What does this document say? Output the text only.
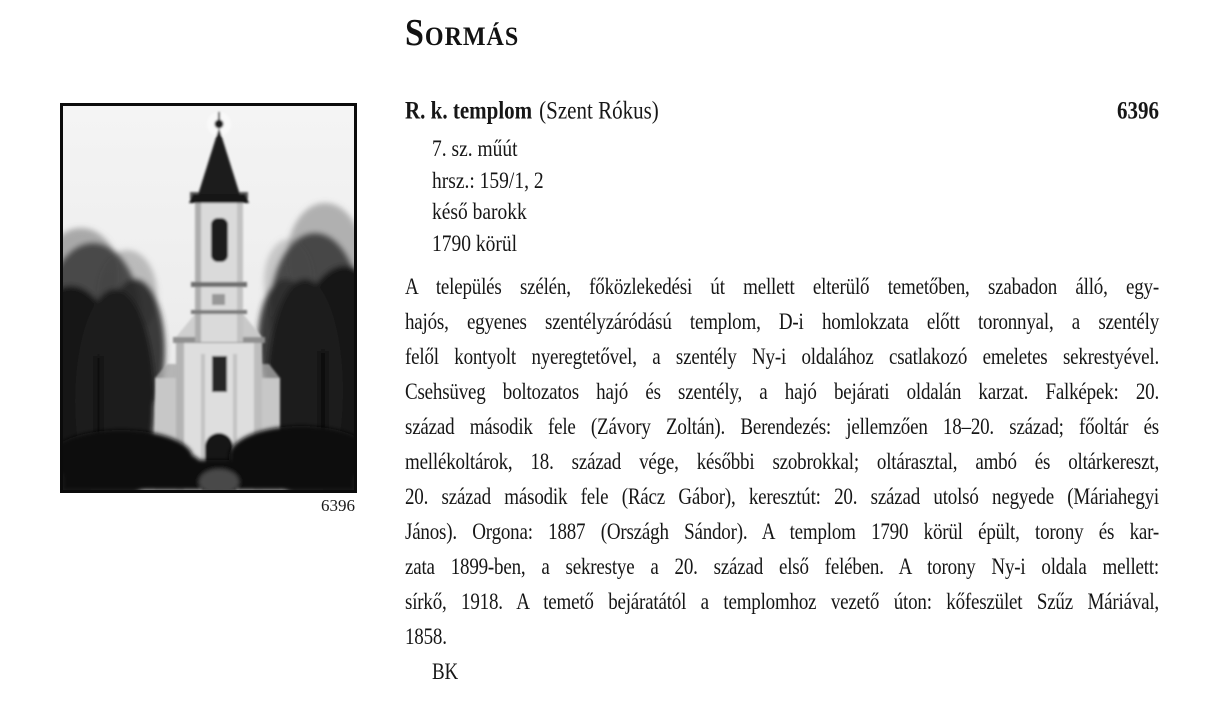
6396
Sormás
R. k. templom (Szent Rókus)	6396
7. sz. műút
hrsz.: 159/1, 2
késő barokk
1790 körül
A település szélén, főközlekedési út mellett elterülő temetőben, szabadon álló, egy-
hajós, egyenes szentélyzáródású templom, D-i homlokzata előtt toronnyal, a szentély
felől kontyolt nyeregtetővel, a szentély Ny-i oldalához csatlakozó emeletes sekrestyével.
Csehsüveg boltozatos hajó és szentély, a hajó bejárati oldalán karzat. Falképek: 20.
század második fele (Závory Zoltán). Berendezés: jellemzően 18–20. század; főoltár és
mellékoltárok, 18. század vége, későbbi szobrokkal; oltárasztal, ambó és oltárkereszt,
20. század második fele (Rácz Gábor), keresztút: 20. század utolsó negyede (Máriahegyi
János). Orgona: 1887 (Országh Sándor). A templom 1790 körül épült, torony és kar-
zata 1899-ben, a sekrestye a 20. század első felében. A torony Ny-i oldala mellett:
sírkő, 1918. A temető bejáratától a templomhoz vezető úton: kőfeszület Szűz Máriával,
1858.
BK
